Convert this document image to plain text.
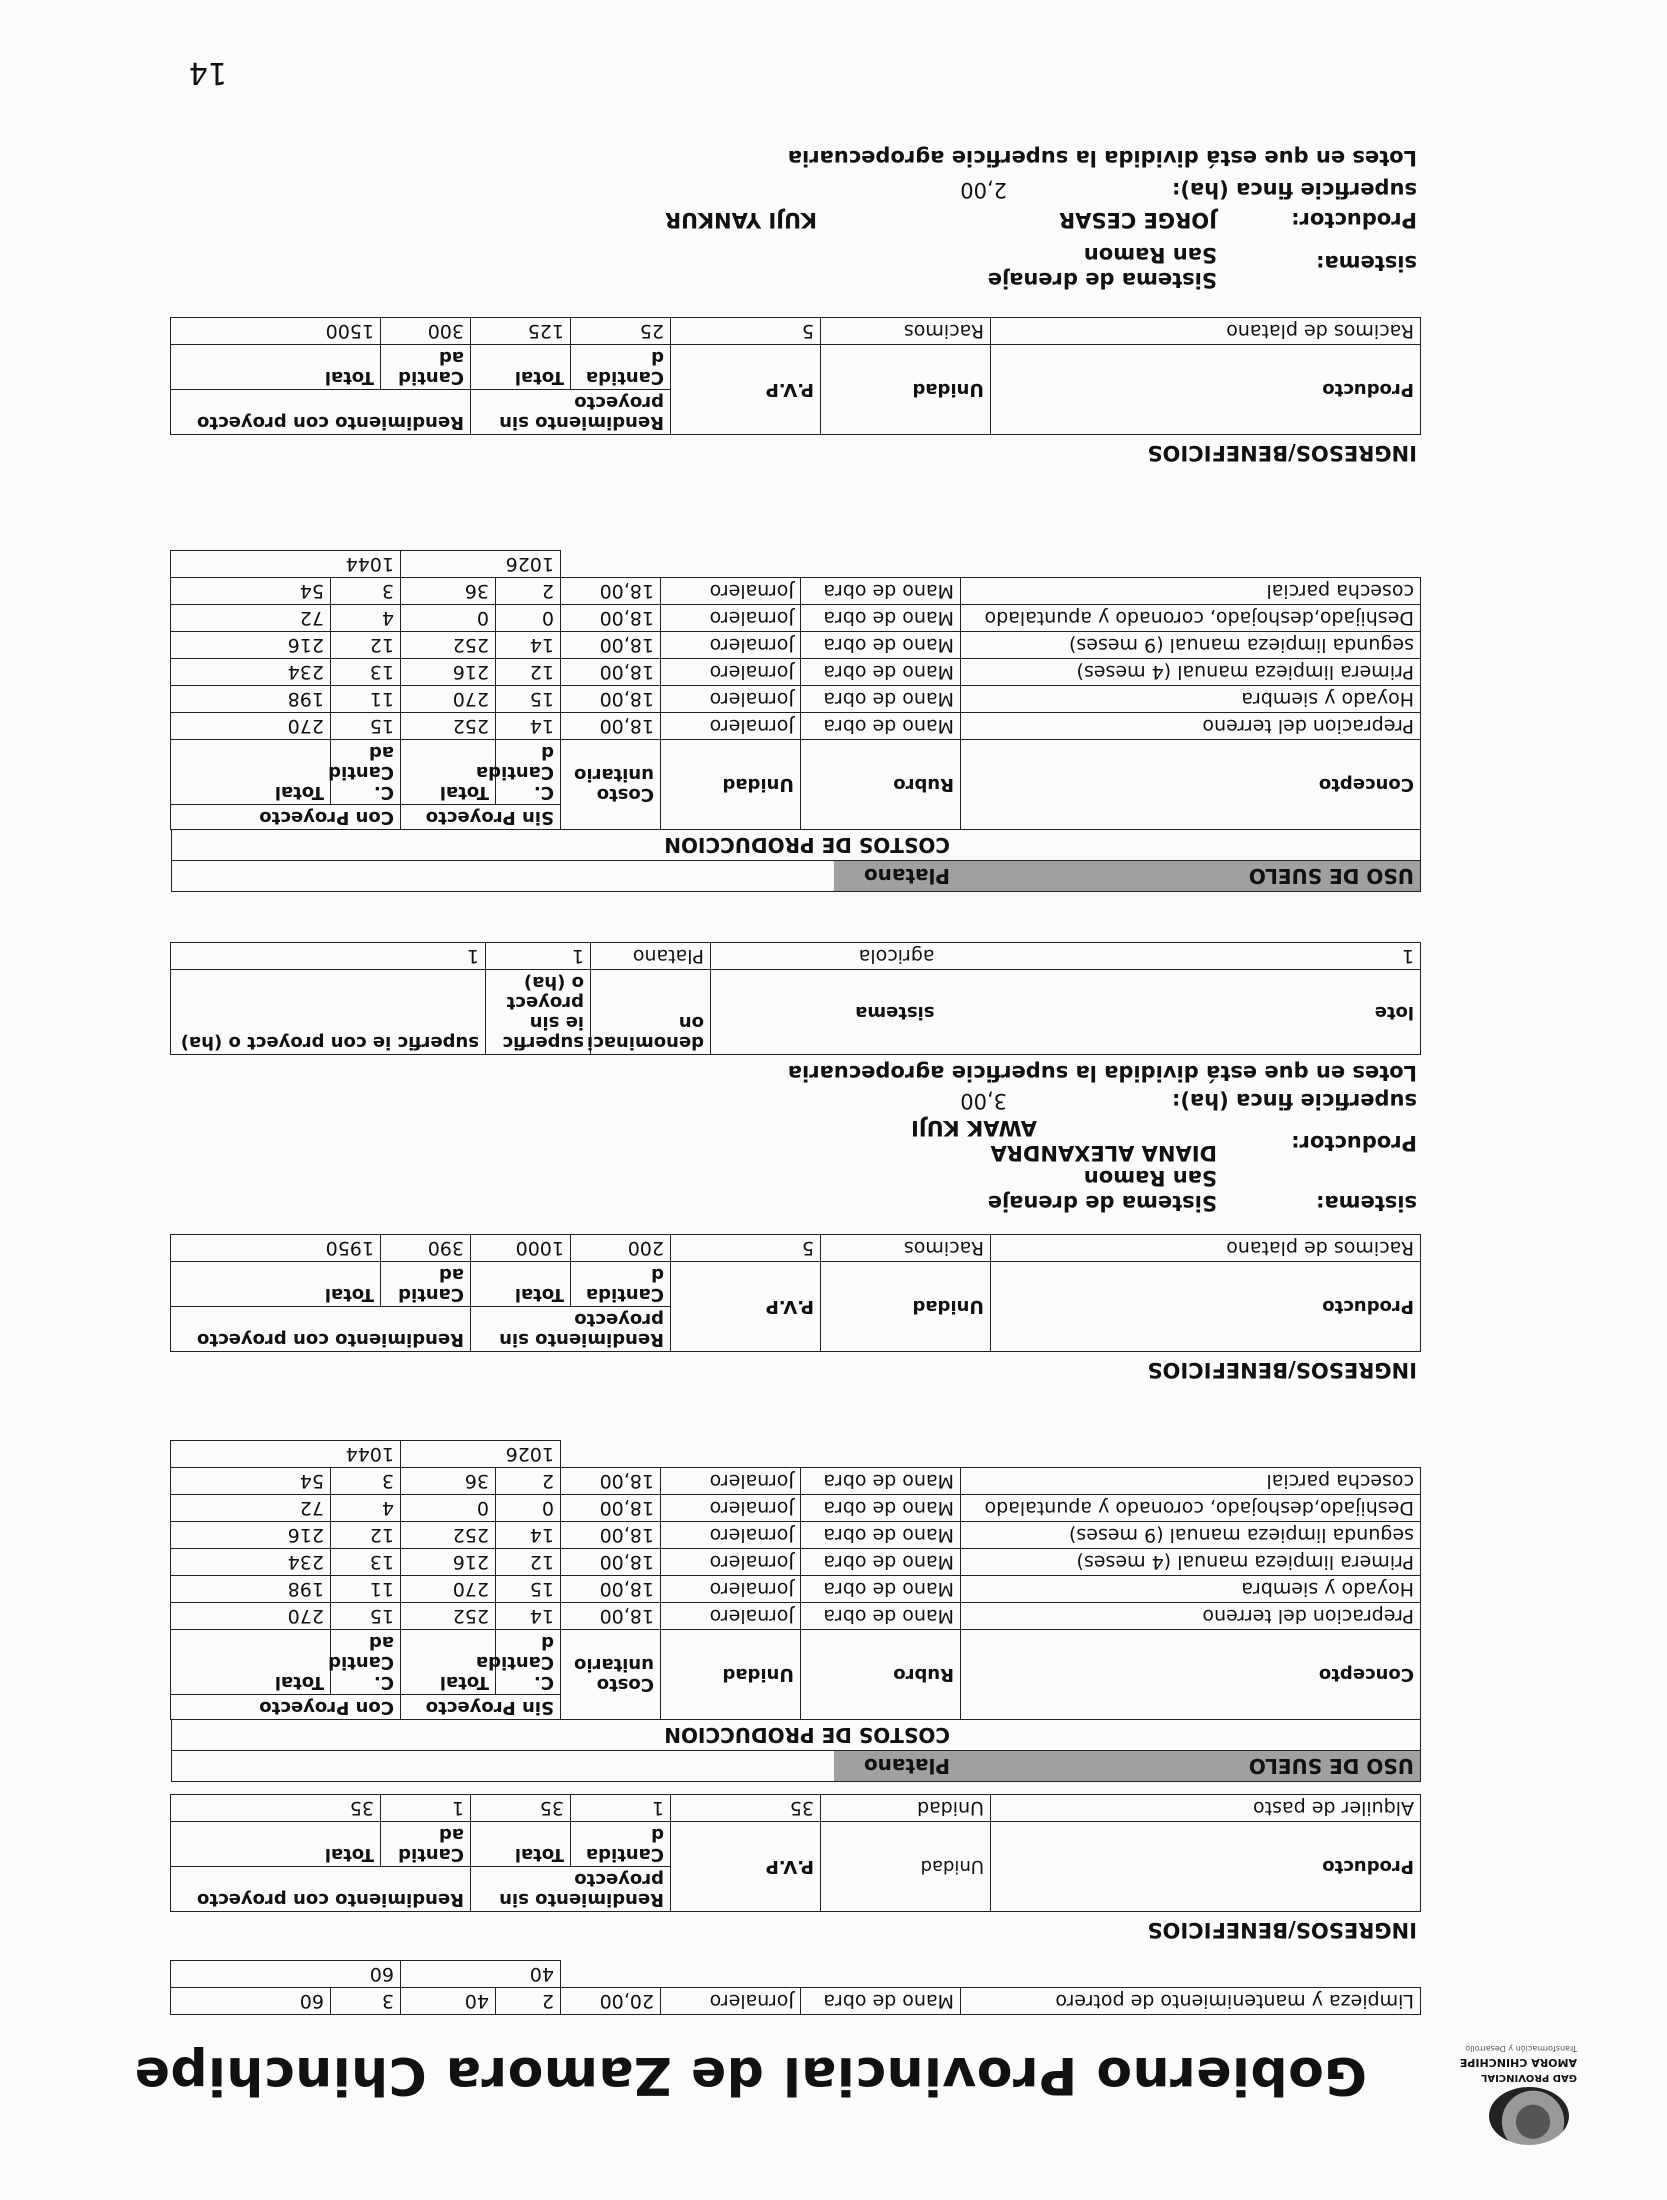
GAD PROVINCIAL
AMORA CHINCHIPE
Transformación y Desarrollo
Gobierno Provincial de Zamora Chinchipe
Limpieza y mantenimiento de potrero	Mano de obra	Jornalero	20,00	2	40	3	60
				40		60	
INGRESOS/BENEFICIOS
Producto	Unidad	P.V.P	Rendimiento sin proyecto		Rendimiento con proyecto	
			Cantida d	Total	Cantid ad	Total
Alquiler de pasto	Unidad	35	1	35	1	35
USO DE SUELO
Platano
COSTOS DE PRODUCCION
Concepto	Rubro	Unidad	Costo unitario	Sin Proyecto		Con Proyecto	
				C. Cantida d	Total	C. Cantid ad	Total
Prepracion del terreno	Mano de obra	Jornalero	18,00	14	252	15	270
Hoyado y siembra	Mano de obra	Jornalero	18,00	15	270	11	198
Primera limpieza manual (4 meses)	Mano de obra	Jornalero	18,00	12	216	13	234
segunda limpieza manual (9 meses)	Mano de obra	Jornalero	18,00	14	252	12	216
Deshijado,deshojado, coronado y apuntalado	Mano de obra	Jornalero	18,00	0	0	4	72
cosecha parcial	Mano de obra	Jornalero	18,00	2	36	3	54
				1026		1044	
INGRESOS/BENEFICIOS
Producto	Unidad	P.V.P	Rendimiento sin proyecto		Rendimiento con proyecto	
			Cantida d	Total	Cantid ad	Total
Racimos de platano	Racimos	5	200	1000	390	1950
sistema:
Sistema de drenaje San Ramon
Productor:
DIANA ALEXANDRA
AWAK KUJI
superficie finca (ha):
3,00
Lotes en que está dividida la superficie agropecuaria
lote	sistema	denominaci on	superfic ie sin proyect o (ha)	superfic ie con proyect o (ha)
1	agricola	Platano	1	1
USO DE SUELO
Platano
COSTOS DE PRODUCCION
Concepto	Rubro	Unidad	Costo unitario	Sin Proyecto		Con Proyecto	
				C. Cantida d	Total	C. Cantid ad	Total
Prepracion del terreno	Mano de obra	Jornalero	18,00	14	252	15	270
Hoyado y siembra	Mano de obra	Jornalero	18,00	15	270	11	198
Primera limpieza manual (4 meses)	Mano de obra	Jornalero	18,00	12	216	13	234
segunda limpieza manual (9 meses)	Mano de obra	Jornalero	18,00	14	252	12	216
Deshijado,deshojado, coronado y apuntalado	Mano de obra	Jornalero	18,00	0	0	4	72
cosecha parcial	Mano de obra	Jornalero	18,00	2	36	3	54
				1026		1044	
INGRESOS/BENEFICIOS
Producto	Unidad	P.V.P	Rendimiento sin proyecto		Rendimiento con proyecto	
			Cantida d	Total	Cantid ad	Total
Racimos de platano	Racimos	5	25	125	300	1500
sistema:
Sistema de drenaje San Ramon
Productor:
JORGE CESAR
KUJI YANKUR
superficie finca (ha):
2,00
Lotes en que está dividida la superficie agropecuaria
14
